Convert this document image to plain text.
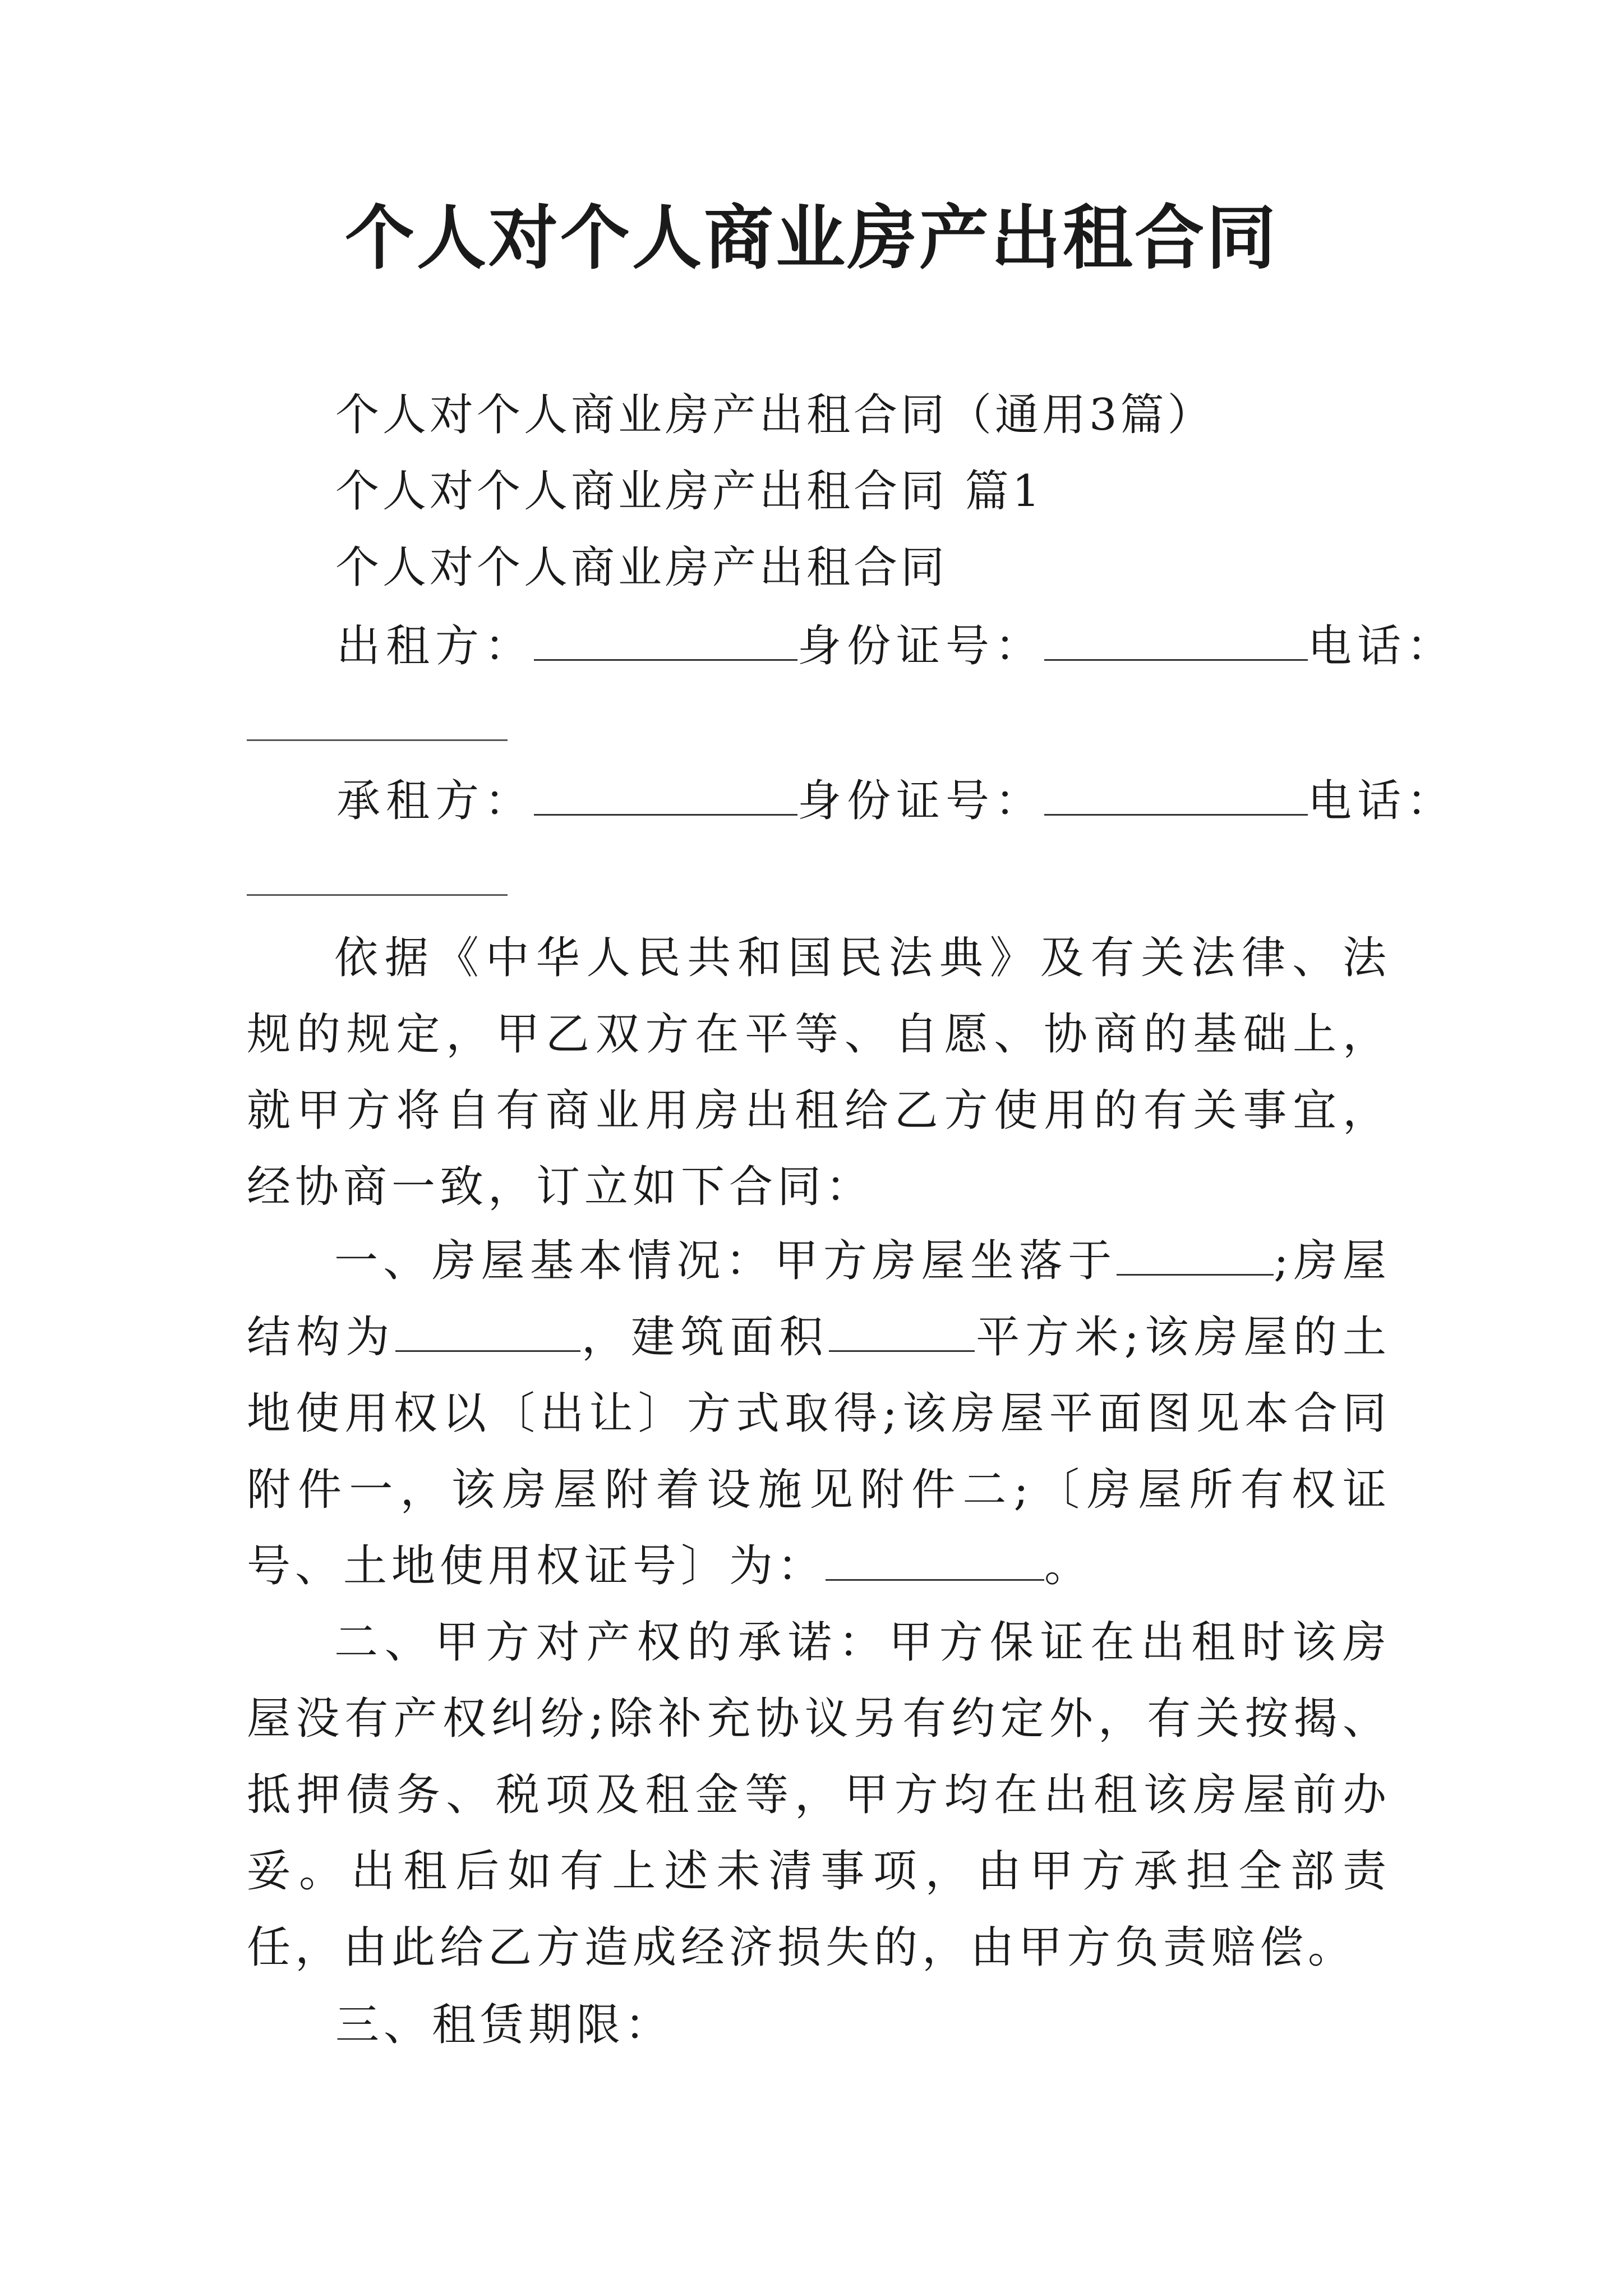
个人对个人商业房产出租合同
个人对个人商业房产出租合同（通用3篇）
个人对个人商业房产出租合同 篇1
个人对个人商业房产出租合同
出租方：	身份证号：	电话：
承租方：	身份证号：	电话：
依据《中华人民共和国民法典》及有关法律、法规的规定，甲乙双方在平等、自愿、协商的基础上，就甲方将自有商业用房出租给乙方使用的有关事宜，经协商一致，订立如下合同：
一、房屋基本情况：甲方房屋坐落于	;房屋结构为	，建筑面积	平方米;该房屋的土地使用权以〔出让〕方式取得;该房屋平面图见本合同附件一，该房屋附着设施见附件二;〔房屋所有权证号、土地使用权证号〕为：	。
二、甲方对产权的承诺：甲方保证在出租时该房屋没有产权纠纷;除补充协议另有约定外，有关按揭、抵押债务、税项及租金等，甲方均在出租该房屋前办妥。出租后如有上述未清事项，由甲方承担全部责任，由此给乙方造成经济损失的，由甲方负责赔偿。
三、租赁期限：
